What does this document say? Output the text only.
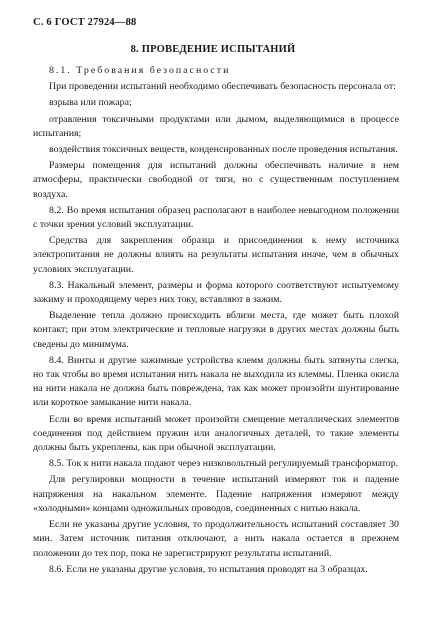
С. 6 ГОСТ 27924—88
8. ПРОВЕДЕНИЕ ИСПЫТАНИЙ

8.1. Требования безопасности

При проведении испытаний необходимо обеспечивать безопасность персонала от:

взрыва или пожара;

отравления токсичными продуктами или дымом, выделяющимися в процессе испытания;

воздействия токсичных веществ, конденсированных после проведения испытания.

Размеры помещения для испытаний должны обеспечивать наличие в нем атмосферы, практически свободной от тяги, но с существенным поступлением воздуха.

8.2. Во время испытания образец располагают в наиболее невыгодном положении с точки зрения условий эксплуатации.

Средства для закрепления образца и присоединения к нему источника электропитания не должны влиять на результаты испытания иначе, чем в обычных условиях эксплуатации.

8.3. Накальный элемент, размеры и форма которого соответствуют испытуемому зажиму и проходящему через них току, вставляют в зажим.

Выделение тепла должно происходить вблизи места, где может быть плохой контакт; при этом электрические и тепловые нагрузки в других местах должны быть сведены до минимума.

8.4. Винты и другие зажимные устройства клемм должны быть затянуты слегка, но так чтобы во время испытания нить накала не выходила из клеммы. Пленка окисла на нити накала не должна быть повреждена, так как может произойти шунтирование или короткое замыкание нити накала.

Если во время испытаний может произойти смещение металлических элементов соединения под действием пружин или аналогичных деталей, то такие элементы должны быть укреплены, как при обычной эксплуатации.

8.5. Ток к нити накала подают через низковольтный регулируемый трансформатор.

Для регулировки мощности в течение испытаний измеряют ток и падение напряжения на накальном элементе. Падение напряжения измеряют между «холодными» концами одножильных проводов, соединенных с нитью накала.

Если не указаны другие условия, то продолжительность испытаний составляет 30 мин. Затем источник питания отключают, а нить накала остается в прежнем положении до тех пор, пока не зарегистрируют результаты испытаний.

8.6. Если не указаны другие условия, то испытания проводят на 3 образцах.
